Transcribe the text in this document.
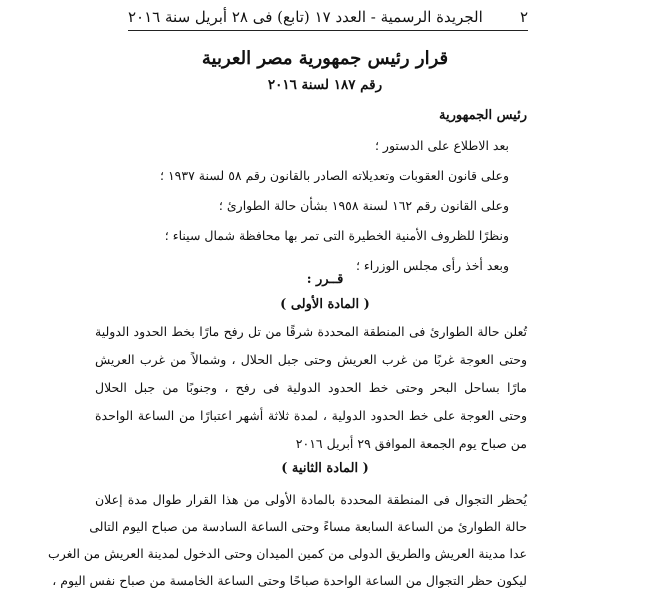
٢
الجريدة الرسمية - العدد ١٧ (تابع) فى ٢٨ أبريل سنة ٢٠١٦
قرار رئيس جمهورية مصر العربية
رقم ١٨٧ لسنة ٢٠١٦
رئيس الجمهورية
بعد الاطلاع على الدستور ؛
وعلى قانون العقوبات وتعديلاته الصادر بالقانون رقم ٥٨ لسنة ١٩٣٧ ؛
وعلى القانون رقم ١٦٢ لسنة ١٩٥٨ بشأن حالة الطوارئ ؛
ونظرًا للظروف الأمنية الخطيرة التى تمر بها محافظة شمال سيناء ؛
وبعد أخذ رأى مجلس الوزراء ؛
قــرر :
( المادة الأولى )
تُعلن حالة الطوارئ فى المنطقة المحددة شرقًا من تل رفح مارًا بخط الحدود الدولية
وحتى العوجة غربًا من غرب العريش وحتى جبل الحلال ، وشمالاً من غرب العريش
مارًا بساحل البحر وحتى خط الحدود الدولية فى رفح ، وجنوبًا من جبل الحلال
وحتى العوجة على خط الحدود الدولية ، لمدة ثلاثة أشهر اعتبارًا من الساعة الواحدة
من صباح يوم الجمعة الموافق ٢٩ أبريل ٢٠١٦
( المادة الثانية )
يُحظر التجوال فى المنطقة المحددة بالمادة الأولى من هذا القرار طوال مدة إعلان
حالة الطوارئ من الساعة السابعة مساءً وحتى الساعة السادسة من صباح اليوم التالى
عدا مدينة العريش والطريق الدولى من كمين الميدان وحتى الدخول لمدينة العريش من الغرب
ليكون حظر التجوال من الساعة الواحدة صباحًا وحتى الساعة الخامسة من صباح نفس اليوم ،
